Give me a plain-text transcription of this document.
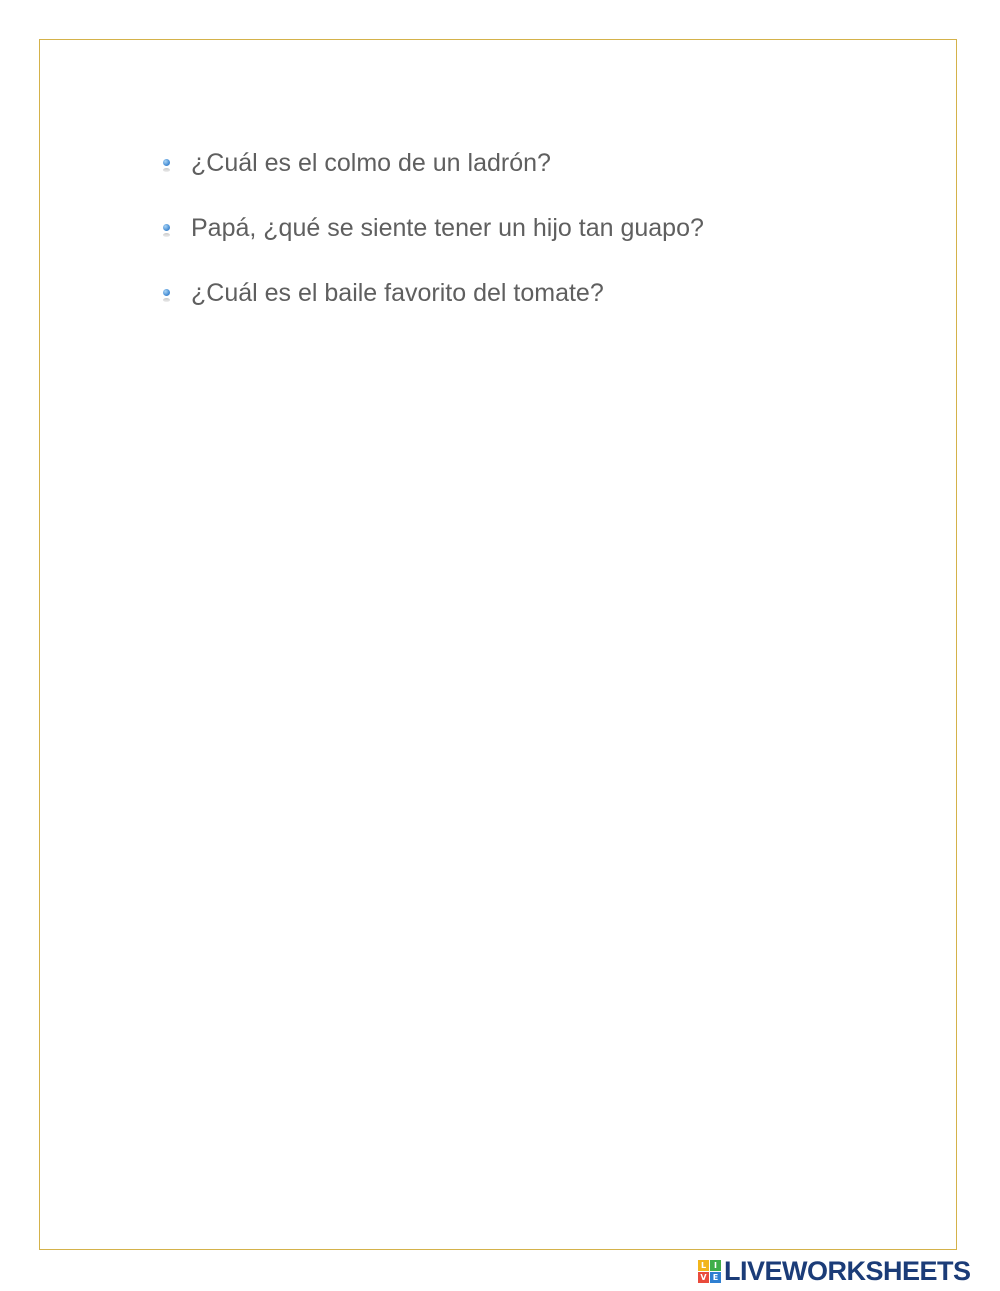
¿Cuál es el colmo de un ladrón?
Papá, ¿qué se siente tener un hijo tan guapo?
¿Cuál es el baile favorito del tomate?
L I
V E LIVEWORKSHEETS
